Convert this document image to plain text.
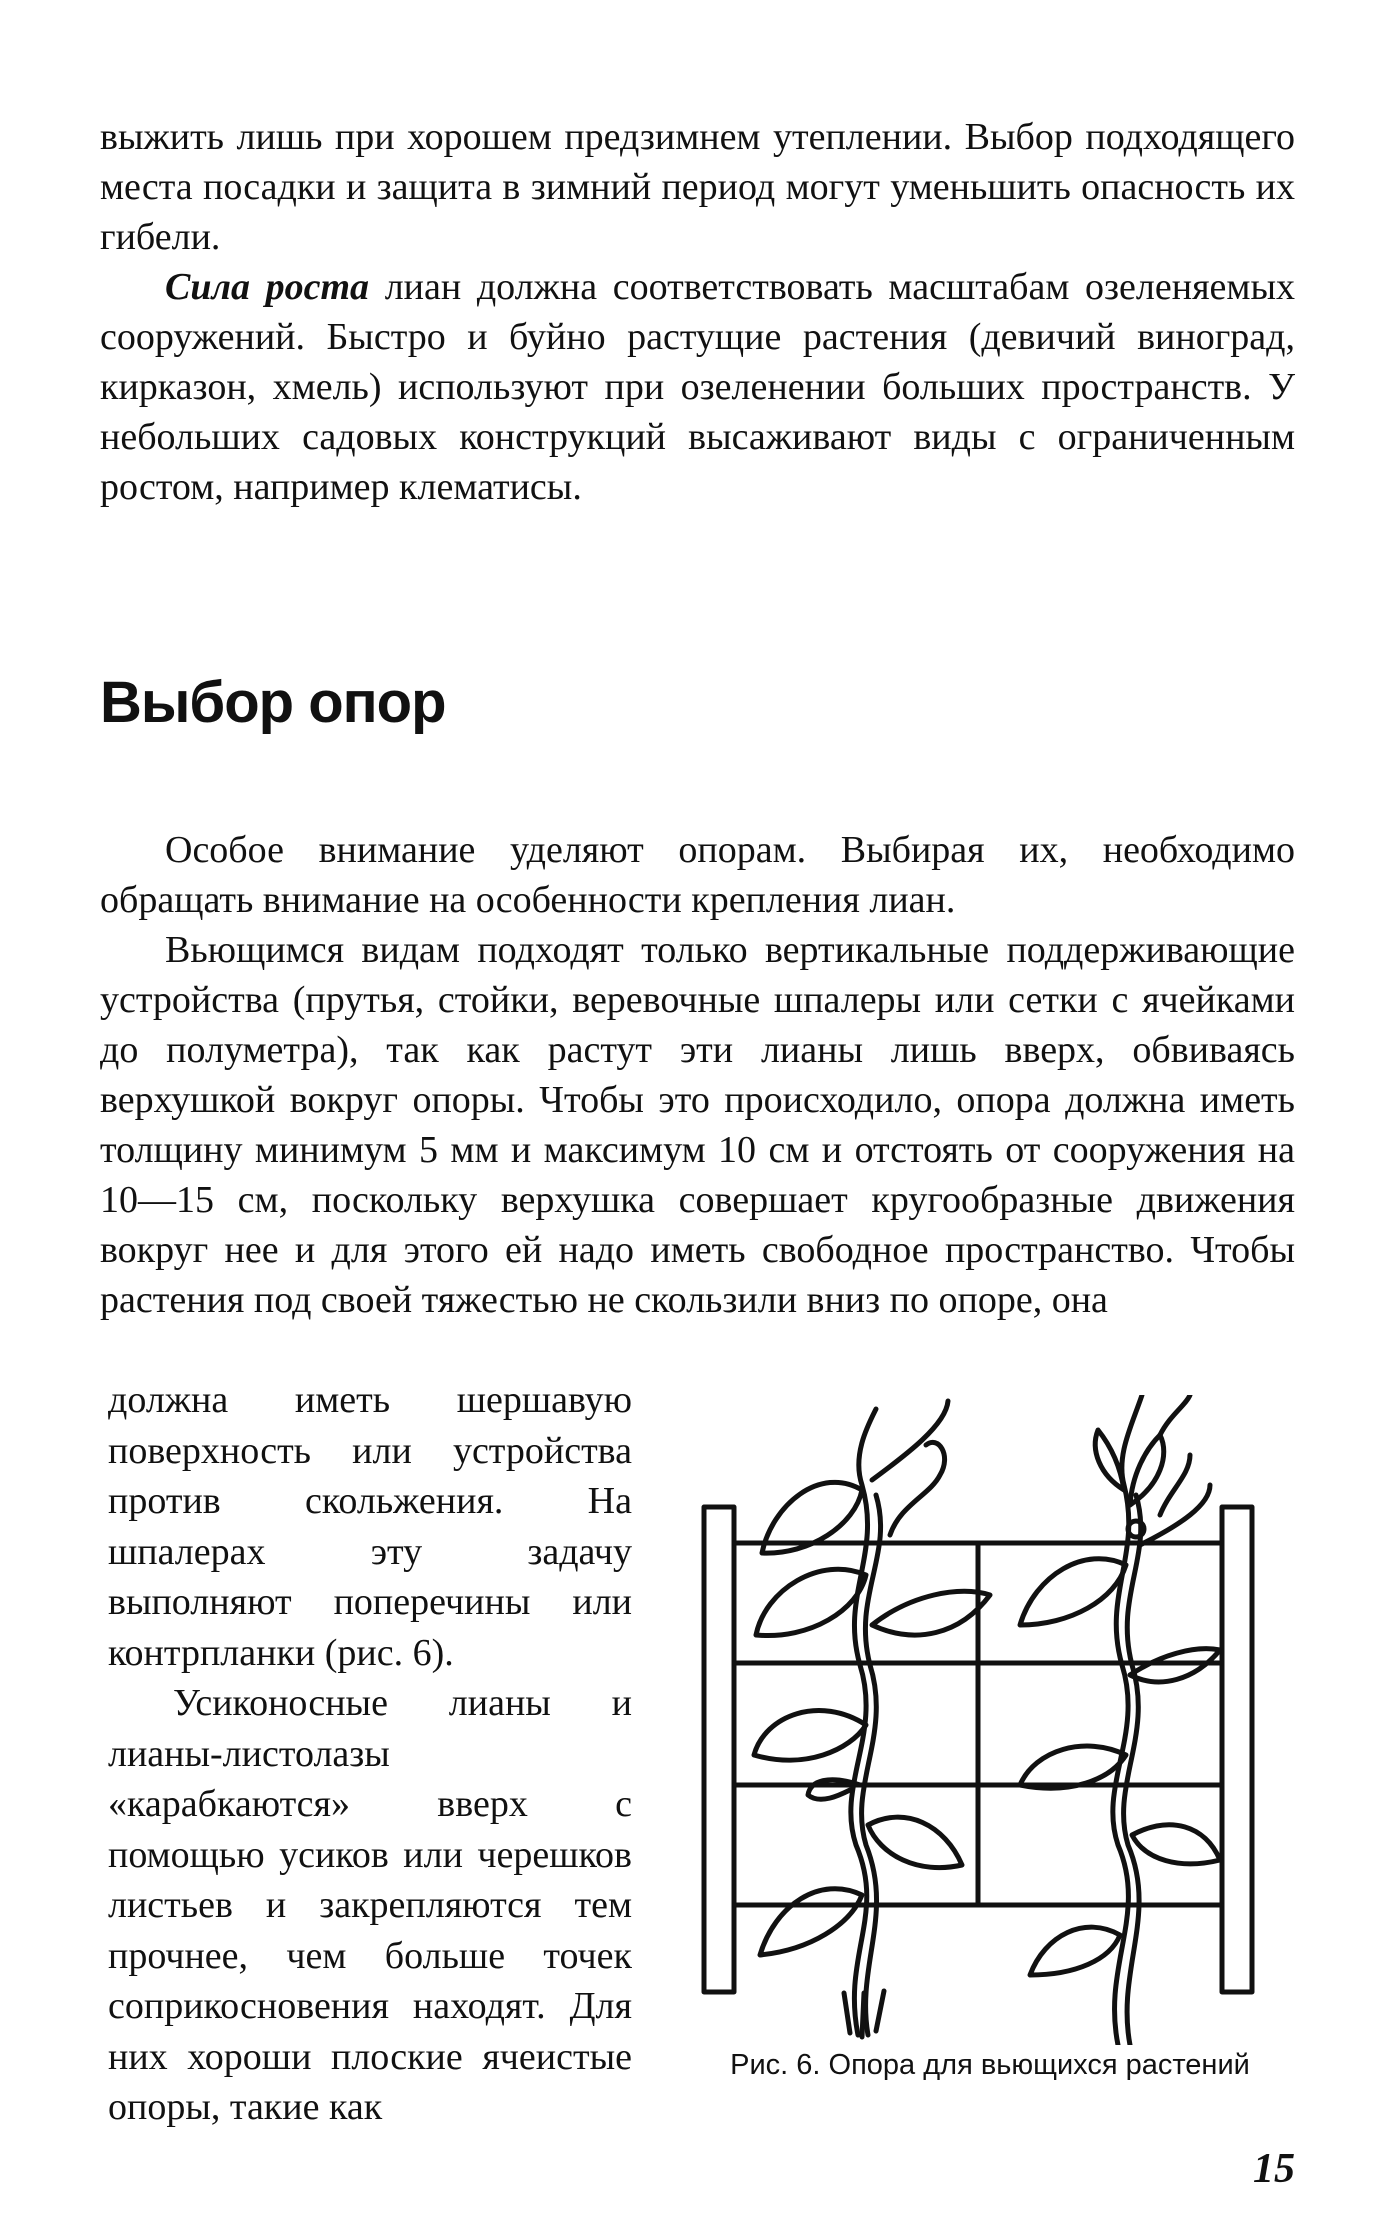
выжить лишь при хорошем предзимнем утеплении. Выбор подходящего места посадки и защита в зимний период могут уменьшить опасность их гибели.

Сила роста лиан должна соответствовать масштабам озеленяемых сооружений. Быстро и буйно растущие растения (девичий виноград, кирказон, хмель) используют при озеленении больших пространств. У небольших садовых конструкций высаживают виды с ограниченным ростом, например клематисы.

Выбор опор

Особое внимание уделяют опорам. Выбирая их, необходимо обращать внимание на особенности крепления лиан.

Вьющимся видам подходят только вертикальные поддерживающие устройства (прутья, стойки, веревочные шпалеры или сетки с ячейками до полуметра), так как растут эти лианы лишь вверх, обвиваясь верхушкой вокруг опоры. Чтобы это происходило, опора должна иметь толщину минимум 5 мм и максимум 10 см и отстоять от сооружения на 10—15 см, поскольку верхушка совершает кругообразные движения вокруг нее и для этого ей надо иметь свободное пространство. Чтобы растения под своей тяжестью не скользили вниз по опоре, она

должна иметь шершавую поверхность или устройства против скольжения. На шпалерах эту задачу выполняют поперечины или контрпланки (рис. 6).

Усиконосные лианы и лианы-листолазы «карабкаются» вверх с помощью усиков или черешков листьев и закрепляются тем прочнее, чем больше точек соприкосновения находят. Для них хороши плоские ячеистые опоры, такие как

Рис. 6. Опора для вьющихся растений

15
